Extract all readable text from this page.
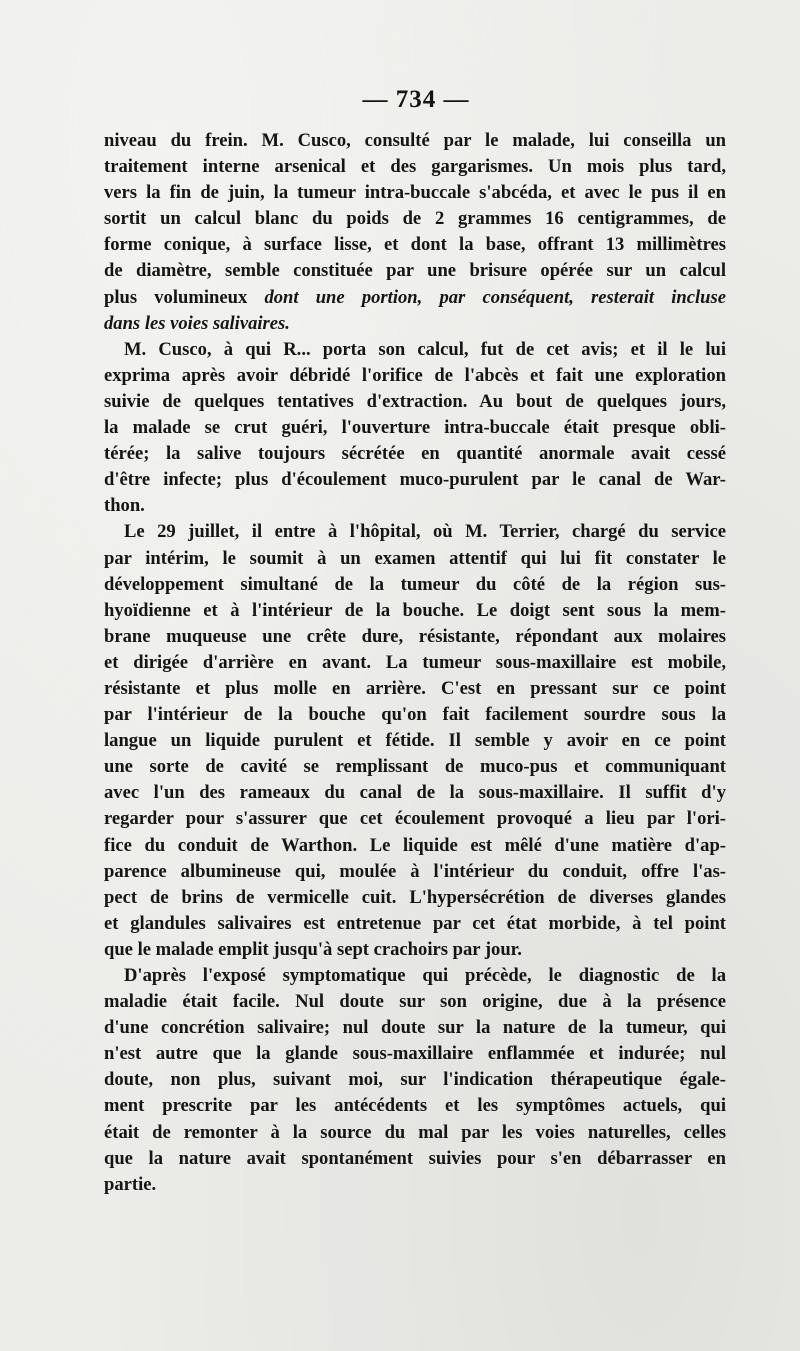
— 734 —
niveau du frein. M. Cusco, consulté par le malade, lui conseilla un
traitement interne arsenical et des gargarismes. Un mois plus tard,
vers la fin de juin, la tumeur intra-buccale s'abcéda, et avec le pus il en
sortit un calcul blanc du poids de 2 grammes 16 centigrammes, de
forme conique, à surface lisse, et dont la base, offrant 13 millimètres
de diamètre, semble constituée par une brisure opérée sur un calcul
plus volumineux dont une portion, par conséquent, resterait incluse
dans les voies salivaires.
M. Cusco, à qui R... porta son calcul, fut de cet avis; et il le lui
exprima après avoir débridé l'orifice de l'abcès et fait une exploration
suivie de quelques tentatives d'extraction. Au bout de quelques jours,
la malade se crut guéri, l'ouverture intra-buccale était presque obli-
térée; la salive toujours sécrétée en quantité anormale avait cessé
d'être infecte; plus d'écoulement muco-purulent par le canal de War-
thon.
Le 29 juillet, il entre à l'hôpital, où M. Terrier, chargé du service
par intérim, le soumit à un examen attentif qui lui fit constater le
développement simultané de la tumeur du côté de la région sus-
hyoïdienne et à l'intérieur de la bouche. Le doigt sent sous la mem-
brane muqueuse une crête dure, résistante, répondant aux molaires
et dirigée d'arrière en avant. La tumeur sous-maxillaire est mobile,
résistante et plus molle en arrière. C'est en pressant sur ce point
par l'intérieur de la bouche qu'on fait facilement sourdre sous la
langue un liquide purulent et fétide. Il semble y avoir en ce point
une sorte de cavité se remplissant de muco-pus et communiquant
avec l'un des rameaux du canal de la sous-maxillaire. Il suffit d'y
regarder pour s'assurer que cet écoulement provoqué a lieu par l'ori-
fice du conduit de Warthon. Le liquide est mêlé d'une matière d'ap-
parence albumineuse qui, moulée à l'intérieur du conduit, offre l'as-
pect de brins de vermicelle cuit. L'hypersécrétion de diverses glandes
et glandules salivaires est entretenue par cet état morbide, à tel point
que le malade emplit jusqu'à sept crachoirs par jour.
D'après l'exposé symptomatique qui précède, le diagnostic de la
maladie était facile. Nul doute sur son origine, due à la présence
d'une concrétion salivaire; nul doute sur la nature de la tumeur, qui
n'est autre que la glande sous-maxillaire enflammée et indurée; nul
doute, non plus, suivant moi, sur l'indication thérapeutique égale-
ment prescrite par les antécédents et les symptômes actuels, qui
était de remonter à la source du mal par les voies naturelles, celles
que la nature avait spontanément suivies pour s'en débarrasser en
partie.
